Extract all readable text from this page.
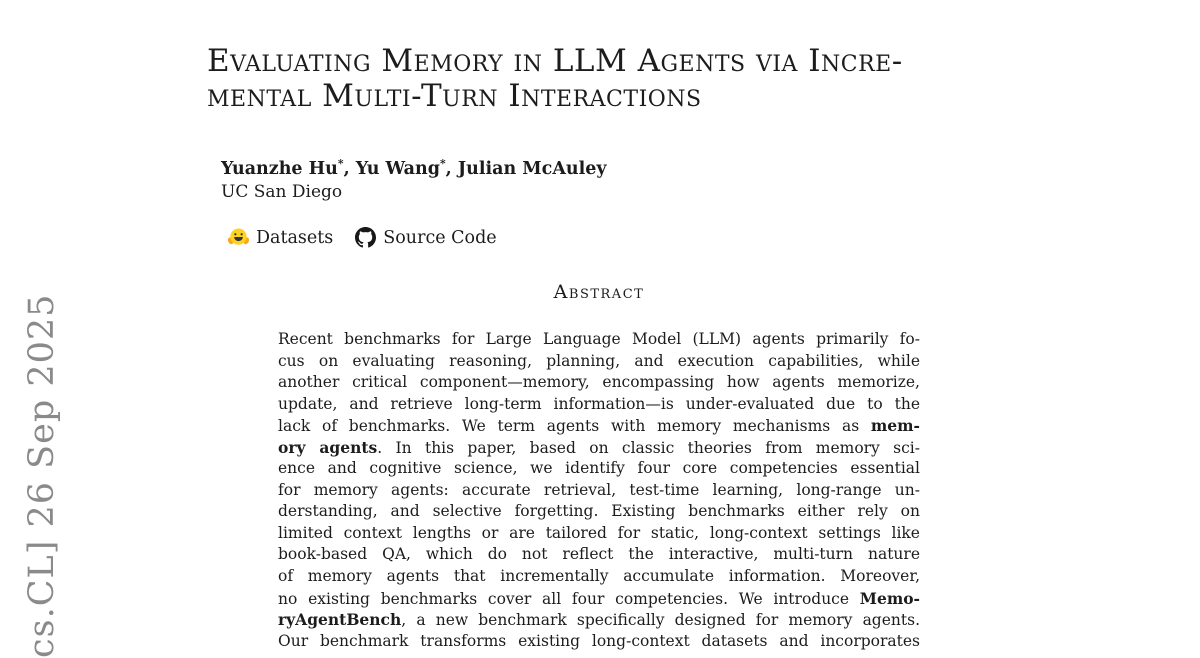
cs.CL] 26 Sep 2025
Evaluating Memory in LLM Agents via Incre-
mental Multi-Turn Interactions
Yuanzhe Hu*, Yu Wang*, Julian McAuley
UC San Diego
Datasets	Source Code
Abstract
Recent benchmarks for Large Language Model (LLM) agents primarily fo-
cus on evaluating reasoning, planning, and execution capabilities, while
another critical component—memory, encompassing how agents memorize,
update, and retrieve long-term information—is under-evaluated due to the
lack of benchmarks. We term agents with memory mechanisms as mem-
ory agents. In this paper, based on classic theories from memory sci-
ence and cognitive science, we identify four core competencies essential
for memory agents: accurate retrieval, test-time learning, long-range un-
derstanding, and selective forgetting. Existing benchmarks either rely on
limited context lengths or are tailored for static, long-context settings like
book-based QA, which do not reflect the interactive, multi-turn nature
of memory agents that incrementally accumulate information. Moreover,
no existing benchmarks cover all four competencies. We introduce Memo-
ryAgentBench, a new benchmark specifically designed for memory agents.
Our benchmark transforms existing long-context datasets and incorporates
